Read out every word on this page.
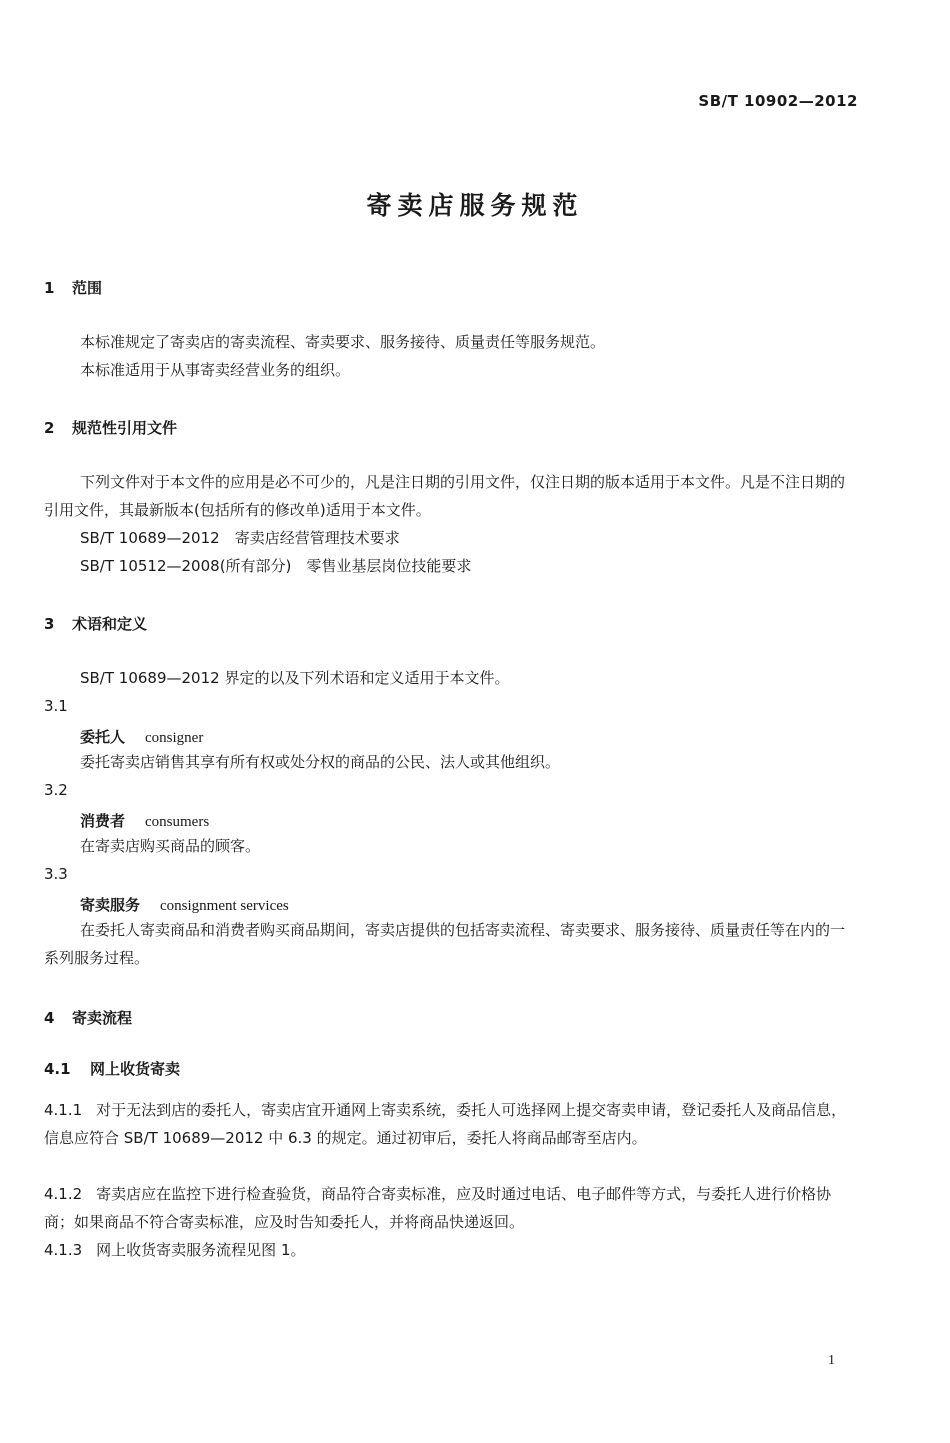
SB/T 10902—2012
寄卖店服务规范
1 范围
本标准规定了寄卖店的寄卖流程、寄卖要求、服务接待、质量责任等服务规范。
本标准适用于从事寄卖经营业务的组织。
2 规范性引用文件
下列文件对于本文件的应用是必不可少的，凡是注日期的引用文件，仅注日期的版本适用于本文件。凡是不注日期的引用文件，其最新版本(包括所有的修改单)适用于本文件。
SB/T 10689—2012　寄卖店经营管理技术要求
SB/T 10512—2008(所有部分)　零售业基层岗位技能要求
3 术语和定义
SB/T 10689—2012 界定的以及下列术语和定义适用于本文件。
3.1
委托人 consigner
委托寄卖店销售其享有所有权或处分权的商品的公民、法人或其他组织。
3.2
消费者 consumers
在寄卖店购买商品的顾客。
3.3
寄卖服务 consignment services
在委托人寄卖商品和消费者购买商品期间，寄卖店提供的包括寄卖流程、寄卖要求、服务接待、质量责任等在内的一系列服务过程。
4 寄卖流程
4.1 网上收货寄卖
4.1.1 对于无法到店的委托人，寄卖店宜开通网上寄卖系统，委托人可选择网上提交寄卖申请，登记委托人及商品信息，信息应符合 SB/T 10689—2012 中 6.3 的规定。通过初审后，委托人将商品邮寄至店内。
4.1.2 寄卖店应在监控下进行检查验货，商品符合寄卖标准，应及时通过电话、电子邮件等方式，与委托人进行价格协商；如果商品不符合寄卖标准，应及时告知委托人，并将商品快递返回。
4.1.3 网上收货寄卖服务流程见图 1。
1
